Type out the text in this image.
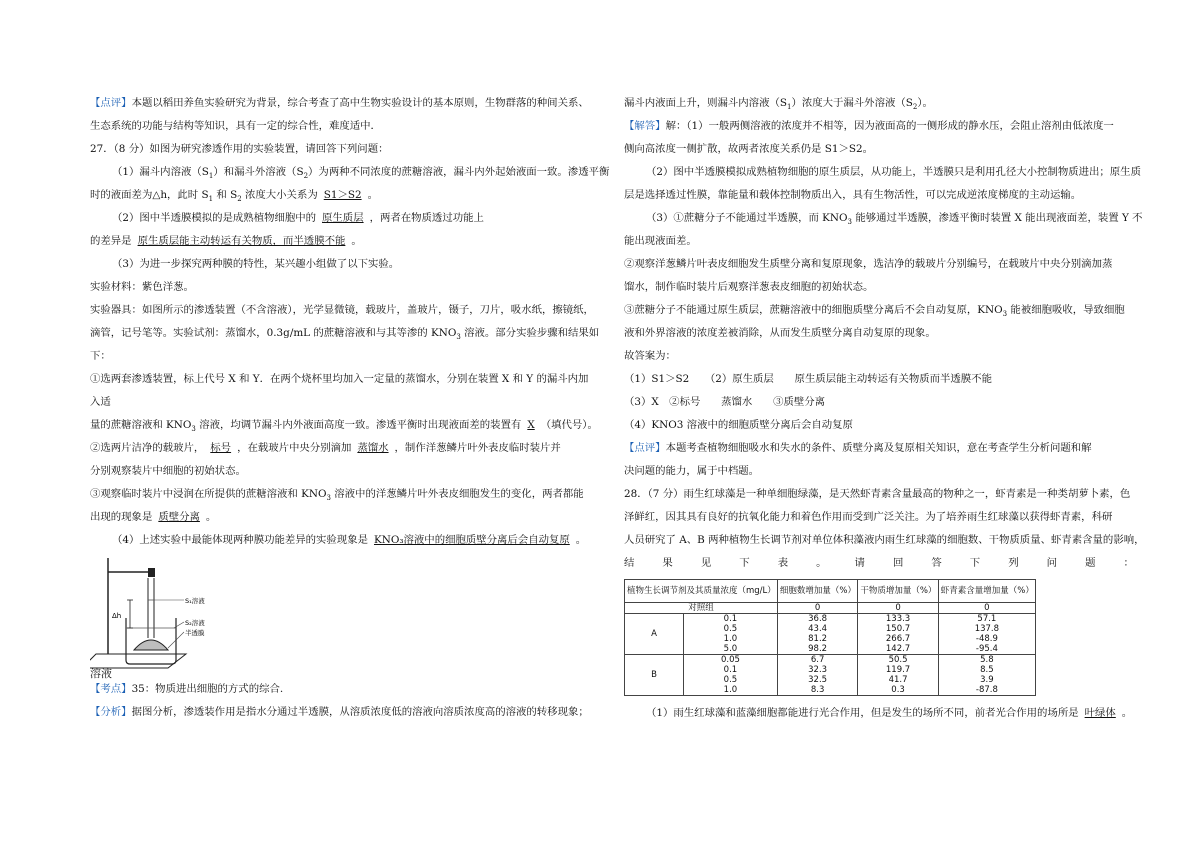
【点评】本题以稻田养鱼实验研究为背景，综合考查了高中生物实验设计的基本原则，生物群落的种间关系、

生态系统的功能与结构等知识，具有一定的综合性，难度适中．

27．（8 分）如图为研究渗透作用的实验装置，请回答下列问题：

（1）漏斗内溶液$(S_1)$和漏斗外溶液$(S_2)$为两种不同浓度的蔗糖溶液，漏斗内外起始液面一致。渗透平衡

时的液面差为△h，此时 $S_1$ 和 $S_2$ 浓度大小关系为 S1＞S2 。

（2）图中半透膜模拟的是成熟植物细胞中的 原生质层 ，两者在物质透过功能上

的差异是 原生质层能主动转运有关物质，而半透膜不能 。

（3）为进一步探究两种膜的特性，某兴趣小组做了以下实验。

实验材料：紫色洋葱。

实验器具：如图所示的渗透装置（不含溶液），光学显微镜，载玻片，盖玻片，镊子，刀片，吸水纸，擦镜纸，

滴管，记号笔等。实验试剂：蒸馏水，0.3g/mL 的蔗糖溶液和与其等渗的 $KNO_3$ 溶液。部分实验步骤和结果如

下：

①选两套渗透装置，标上代号 X 和 Y．在两个烧杯里均加入一定量的蒸馏水，分别在装置 X 和 Y 的漏斗内加

入适

量的蔗糖溶液和 $KNO_3$ 溶液，均调节漏斗内外液面高度一致。渗透平衡时出现液面差的装置有 X （填代号）。

②选两片洁净的载玻片， 标号 ，在载玻片中央分别滴加 蒸馏水 ，制作洋葱鳞片叶外表皮临时装片并

分别观察装片中细胞的初始状态。

③观察临时装片中浸润在所提供的蔗糖溶液和 $KNO_3$ 溶液中的洋葱鳞片叶外表皮细胞发生的变化，两者都能

出现的现象是 质壁分离 。

（4）上述实验中最能体现两种膜功能差异的实验现象是 KNO₃溶液中的细胞质壁分离后会自动复原 。

Δh
S₁溶液
S₂溶液
半透膜
溶液

【考点】35：物质进出细胞的方式的综合.

【分析】据图分析，渗透装作用是指水分通过半透膜，从溶质浓度低的溶液向溶质浓度高的溶液的转移现象；

漏斗内液面上升，则漏斗内溶液$(S_1)$浓度大于漏斗外溶液$(S_2)$。

【解答】解：（1）一般两侧溶液的浓度并不相等，因为液面高的一侧形成的静水压，会阻止溶剂由低浓度一

侧向高浓度一侧扩散，故两者浓度关系仍是 S1＞S2。

（2）图中半透膜模拟成熟植物细胞的原生质层，从功能上，半透膜只是利用孔径大小控制物质进出；原生质

层是选择透过性膜，靠能量和载体控制物质出入，具有生物活性，可以完成逆浓度梯度的主动运输。

（3）①蔗糖分子不能通过半透膜，而 $KNO_3$ 能够通过半透膜，渗透平衡时装置 X 能出现液面差，装置 Y 不

能出现液面差。

②观察洋葱鳞片叶表皮细胞发生质壁分离和复原现象，选洁净的载玻片分别编号，在载玻片中央分别滴加蒸

馏水，制作临时装片后观察洋葱表皮细胞的初始状态。

③蔗糖分子不能通过原生质层，蔗糖溶液中的细胞质壁分离后不会自动复原，$KNO_3$ 能被细胞吸收，导致细胞

液和外界溶液的浓度差被消除，从而发生质壁分离自动复原的现象。

故答案为：

（1）S1＞S2　　（2）原生质层　　原生质层能主动转运有关物质而半透膜不能

（3）X　②标号　　蒸馏水　　③质壁分离

（4）KNO3 溶液中的细胞质壁分离后会自动复原

【点评】本题考查植物细胞吸水和失水的条件、质壁分离及复原相关知识，意在考查学生分析问题和解

决问题的能力，属于中档题。

28．（7 分）雨生红球藻是一种单细胞绿藻，是天然虾青素含量最高的物种之一，虾青素是一种类胡萝卜素，色

泽鲜红，因其具有良好的抗氧化能力和着色作用而受到广泛关注。为了培养雨生红球藻以获得虾青素，科研

人员研究了 A、B 两种植物生长调节剂对单位体积藻液内雨生红球藻的细胞数、干物质质量、虾青素含量的影响，

结	果	见	下	表	。	请	回	答	下	列	问	题	：

植物生长调节剂及其质量浓度（mg/L）		细胞数增加量（%）	干物质增加量（%）	虾青素含量增加量（%）
对照组		0	0	0
A	0.1	36.8	133.3	57.1
	0.5	43.4	150.7	137.8
	1.0	81.2	266.7	-48.9
	5.0	98.2	142.7	-95.4
B	0.05	6.7	50.5	5.8
	0.1	32.3	119.7	8.5
	0.5	32.5	41.7	3.9
	1.0	8.3	0.3	-87.8

（1）雨生红球藻和蓝藻细胞都能进行光合作用，但是发生的场所不同，前者光合作用的场所是 叶绿体 。
